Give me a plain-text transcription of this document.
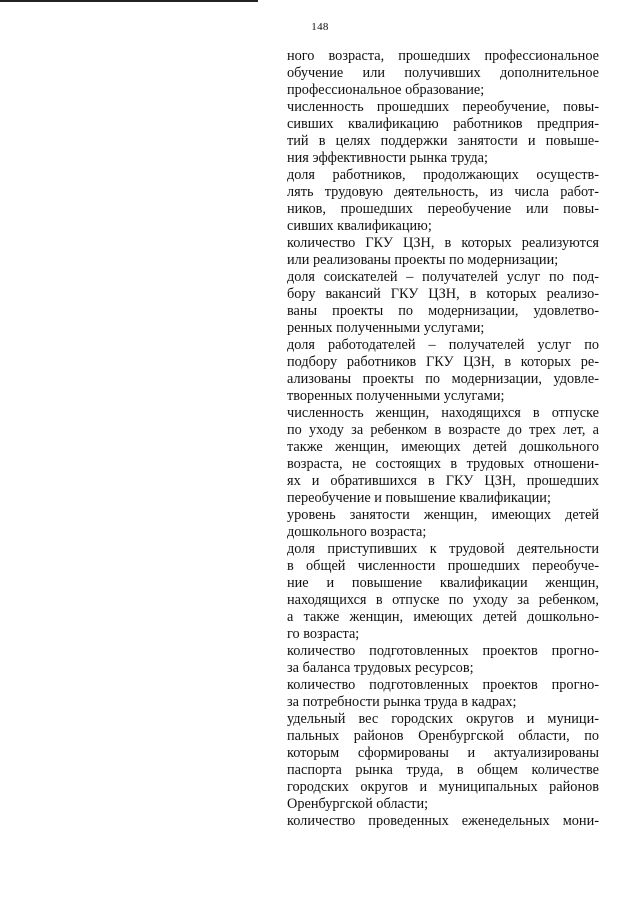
148
ного возраста, прошедших профессиональное
обучение или получивших дополнительное
профессиональное образование;
численность прошедших переобучение, повы-
сивших квалификацию работников предприя-
тий в целях поддержки занятости и повыше-
ния эффективности рынка труда;
доля работников, продолжающих осуществ-
лять трудовую деятельность, из числа работ-
ников, прошедших переобучение или повы-
сивших квалификацию;
количество ГКУ ЦЗН, в которых реализуются
или реализованы проекты по модернизации;
доля соискателей – получателей услуг по под-
бору вакансий ГКУ ЦЗН, в которых реализо-
ваны проекты по модернизации, удовлетво-
ренных полученными услугами;
доля работодателей – получателей услуг по
подбору работников ГКУ ЦЗН, в которых ре-
ализованы проекты по модернизации, удовле-
творенных полученными услугами;
численность женщин, находящихся в отпуске
по уходу за ребенком в возрасте до трех лет, а
также женщин, имеющих детей дошкольного
возраста, не состоящих в трудовых отношени-
ях и обратившихся в ГКУ ЦЗН, прошедших
переобучение и повышение квалификации;
уровень занятости женщин, имеющих детей
дошкольного возраста;
доля приступивших к трудовой деятельности
в общей численности прошедших переобуче-
ние и повышение квалификации женщин,
находящихся в отпуске по уходу за ребенком,
а также женщин, имеющих детей дошкольно-
го возраста;
количество подготовленных проектов прогно-
за баланса трудовых ресурсов;
количество подготовленных проектов прогно-
за потребности рынка труда в кадрах;
удельный вес городских округов и муници-
пальных районов Оренбургской области, по
которым сформированы и актуализированы
паспорта рынка труда, в общем количестве
городских округов и муниципальных районов
Оренбургской области;
количество проведенных еженедельных мони-
